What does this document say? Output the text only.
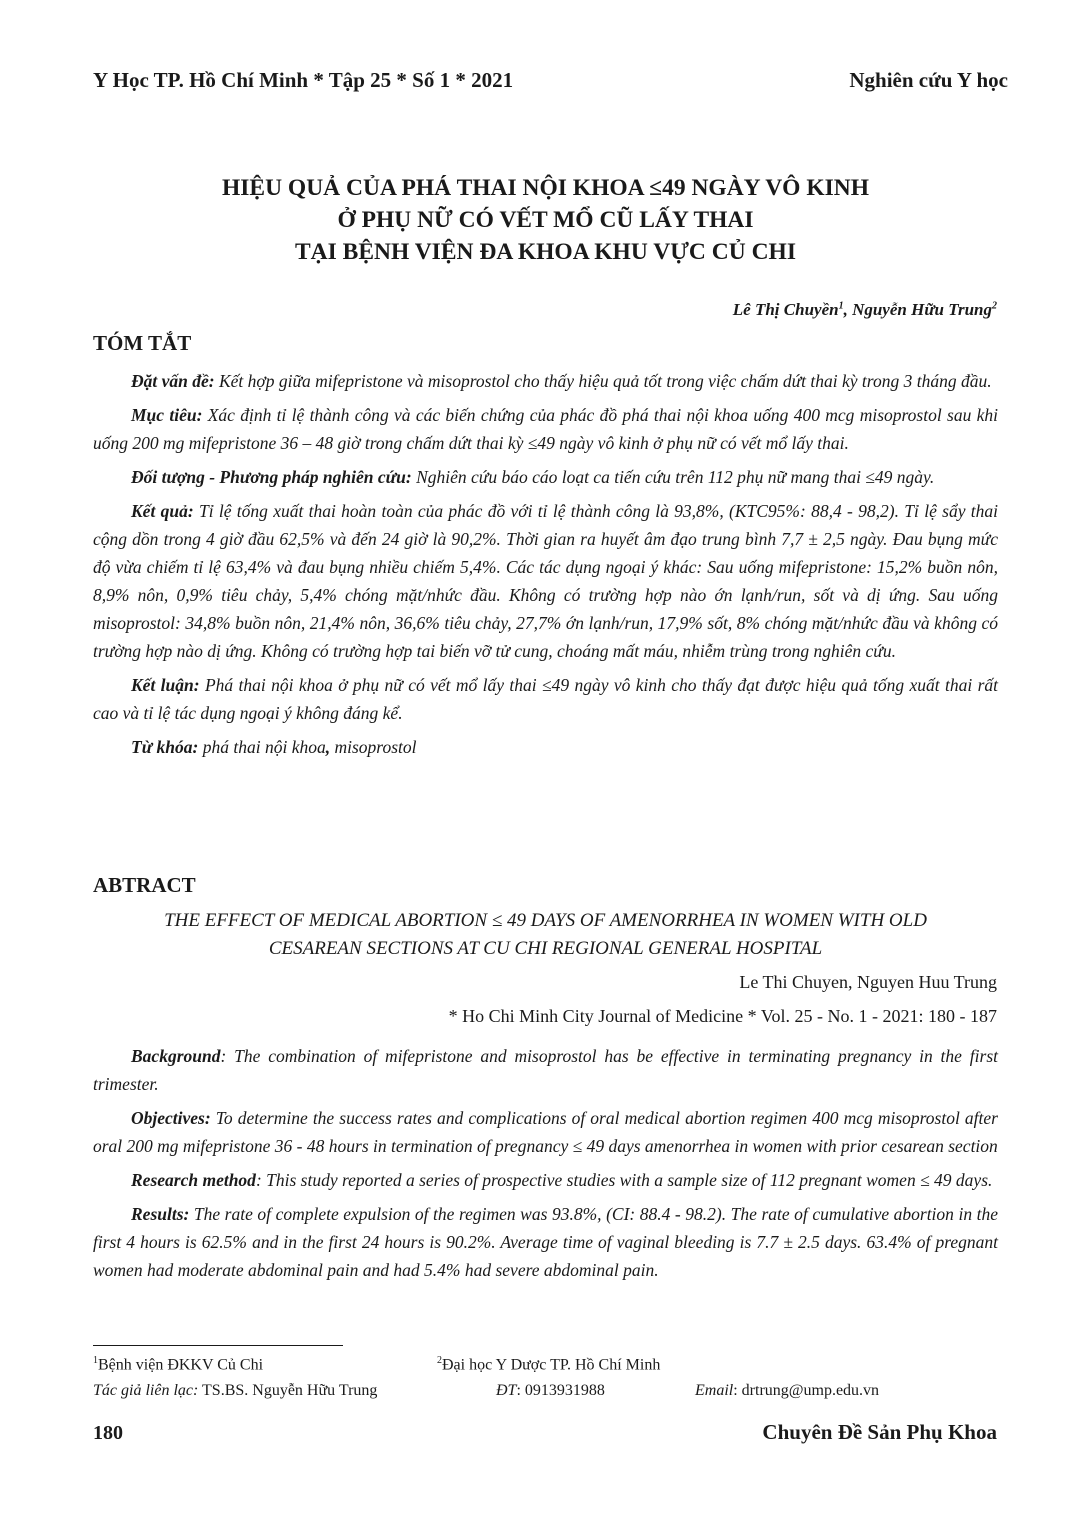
Y Học TP. Hồ Chí Minh * Tập 25 * Số 1 * 2021	Nghiên cứu Y học
HIỆU QUẢ CỦA PHÁ THAI NỘI KHOA ≤49 NGÀY VÔ KINH
Ở PHỤ NỮ CÓ VẾT MỔ CŨ LẤY THAI
TẠI BỆNH VIỆN ĐA KHOA KHU VỰC CỦ CHI
Lê Thị Chuyền$^1$, Nguyễn Hữu Trung$^2$
TÓM TẮT

Đặt vấn đề: Kết hợp giữa mifepristone và misoprostol cho thấy hiệu quả tốt trong việc chấm dứt thai kỳ trong 3 tháng đầu.

Mục tiêu: Xác định tỉ lệ thành công và các biến chứng của phác đồ phá thai nội khoa uống 400 mcg misoprostol sau khi uống 200 mg mifepristone 36 – 48 giờ trong chấm dứt thai kỳ ≤49 ngày vô kinh ở phụ nữ có vết mổ lấy thai.

Đối tượng - Phương pháp nghiên cứu: Nghiên cứu báo cáo loạt ca tiến cứu trên 112 phụ nữ mang thai ≤49 ngày.

Kết quả: Tỉ lệ tống xuất thai hoàn toàn của phác đồ với tỉ lệ thành công là 93,8%, (KTC95%: 88,4 - 98,2). Tỉ lệ sẩy thai cộng dồn trong 4 giờ đầu 62,5% và đến 24 giờ là 90,2%. Thời gian ra huyết âm đạo trung bình 7,7 ± 2,5 ngày. Đau bụng mức độ vừa chiếm tỉ lệ 63,4% và đau bụng nhiều chiếm 5,4%. Các tác dụng ngoại ý khác: Sau uống mifepristone: 15,2% buồn nôn, 8,9% nôn, 0,9% tiêu chảy, 5,4% chóng mặt/nhức đầu. Không có trường hợp nào ớn lạnh/run, sốt và dị ứng. Sau uống misoprostol: 34,8% buồn nôn, 21,4% nôn, 36,6% tiêu chảy, 27,7% ớn lạnh/run, 17,9% sốt, 8% chóng mặt/nhức đầu và không có trường hợp nào dị ứng. Không có trường hợp tai biến vỡ tử cung, choáng mất máu, nhiễm trùng trong nghiên cứu.

Kết luận: Phá thai nội khoa ở phụ nữ có vết mổ lấy thai ≤49 ngày vô kinh cho thấy đạt được hiệu quả tống xuất thai rất cao và tỉ lệ tác dụng ngoại ý không đáng kể.

Từ khóa: phá thai nội khoa, misoprostol

ABTRACT
THE EFFECT OF MEDICAL ABORTION ≤ 49 DAYS OF AMENORRHEA IN WOMEN WITH OLD
CESAREAN SECTIONS AT CU CHI REGIONAL GENERAL HOSPITAL
Le Thi Chuyen, Nguyen Huu Trung
* Ho Chi Minh City Journal of Medicine * Vol. 25 - No. 1 - 2021: 180 - 187

Background: The combination of mifepristone and misoprostol has be effective in terminating pregnancy in the first trimester.

Objectives: To determine the success rates and complications of oral medical abortion regimen 400 mcg misoprostol after oral 200 mg mifepristone 36 - 48 hours in termination of pregnancy ≤ 49 days amenorrhea in women with prior cesarean section

Research method: This study reported a series of prospective studies with a sample size of 112 pregnant women ≤ 49 days.

Results: The rate of complete expulsion of the regimen was 93.8%, (CI: 88.4 - 98.2). The rate of cumulative abortion in the first 4 hours is 62.5% and in the first 24 hours is 90.2%. Average time of vaginal bleeding is 7.7 ± 2.5 days. 63.4% of pregnant women had moderate abdominal pain and had 5.4% had severe abdominal pain.

$^1$Bệnh viện ĐKKV Củ Chi	$^2$Đại học Y Dược TP. Hồ Chí Minh
Tác giả liên lạc: TS.BS. Nguyễn Hữu Trung	ĐT: 0913931988	Email: drtrung@ump.edu.vn
180	Chuyên Đề Sản Phụ Khoa
